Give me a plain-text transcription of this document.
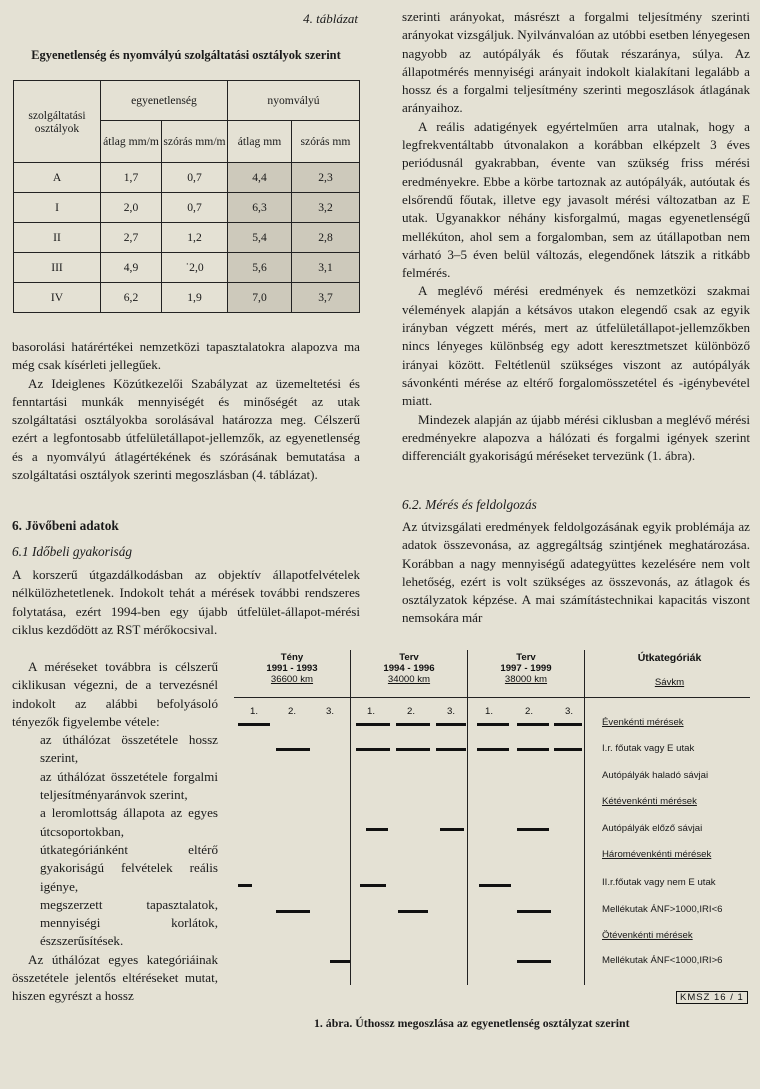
4. táblázat
Egyenetlenség és nyomvályú szolgáltatási osztályok szerint
szolgáltatási osztályok	egyenetlenség		nyomvályú	
	átlag mm/m	szórás mm/m	átlag mm	szórás mm
A	1,7	0,7	4,4	2,3
I	2,0	0,7	6,3	3,2
II	2,7	1,2	5,4	2,8
III	4,9	˙2,0	5,6	3,1
IV	6,2	1,9	7,0	3,7

basorolási határértékei nemzetközi tapasztalatokra alapozva ma még csak kísérleti jellegűek.

Az Ideiglenes Közútkezelői Szabályzat az üzemeltetési és fenntartási munkák mennyiségét és minőségét az utak szolgáltatási osztályokba sorolásával határozza meg. Célszerű ezért a legfontosabb útfelületállapot-jellemzők, az egyenetlenség és a nyomvályú átlagértékének és szórásának bemutatása a szolgáltatási osztályok szerinti megoszlásban (4. táblázat).

6. Jövőbeni adatok
6.1 Időbeli gyakoriság

A korszerű útgazdálkodásban az objektív állapotfelvételek nélkülözhetetlenek. Indokolt tehát a mérések további rendszeres folytatása, ezért 1994-ben egy újabb útfelület-állapot-mérési ciklus kezdődött az RST mérőkocsival.

A méréseket továbbra is célszerű ciklikusan végezni, de a tervezésnél indokolt az alábbi befolyásoló tényezők figyelembe vétele:

az úthálózat összetétele hossz szerint,

az úthálózat összetétele forgalmi teljesítményaránvok szerint,

a leromlottság állapota az egyes útcsoportokban,

útkategóriánként eltérő gyakoriságú felvételek reális igénye,

megszerzett tapasztalatok, mennyiségi korlátok, észszerűsítések.

Az úthálózat egyes kategóriáinak összetétele jelentős eltéréseket mutat, hiszen egyrészt a hossz

szerinti arányokat, másrészt a forgalmi teljesítmény szerinti arányokat vizsgáljuk. Nyilvánvalóan az utóbbi esetben lényegesen nagyobb az autópályák és főutak részaránya, súlya. Az állapotmérés mennyiségi arányait indokolt kialakítani legalább a hossz és a forgalmi teljesítmény szerinti megoszlások átlagának arányaihoz.

A reális adatigények egyértelműen arra utalnak, hogy a legfrekventáltabb útvonalakon a korábban elképzelt 3 éves periódusnál gyakrabban, évente van szükség friss mérési eredményekre. Ebbe a körbe tartoznak az autópályák, autóutak és elsőrendű főutak, illetve egy javasolt mérési változatban az E utak. Ugyanakkor néhány kisforgalmú, magas egyenetlenségű mellékúton, ahol sem a forgalomban, sem az útállapotban nem várható 3–5 éven belül változás, elegendőnek látszik a ritkább felmérés.

A meglévő mérési eredmények és nemzetközi szakmai vélemények alapján a kétsávos utakon elegendő csak az egyik irányban végzett mérés, mert az útfelületállapot-jellemzőkben nincs lényeges különbség egy adott keresztmetszet különböző irányai között. Feltétlenül szükséges viszont az autópályák sávonkénti mérése az eltérő forgalomösszetétel és -igénybevétel miatt.

Mindezek alapján az újabb mérési ciklusban a meglévő mérési eredményekre alapozva a hálózati és forgalmi igények szerint differenciált gyakoriságú méréseket tervezünk (1. ábra).

6.2. Mérés és feldolgozás

Az útvizsgálati eredmények feldolgozásának egyik problémája az adatok összevonása, az aggregáltság szintjének meghatározása. Korábban a nagy mennyiségű adategyüttes kezelésére nem volt lehetőség, ezért is volt szükséges az összevonás, az átlagok és osztályzatok képzése. A mai számítástechnikai kapacitás viszont nemsokára már

Tény
1991 - 1993
36600 km
Terv
1994 - 1996
34000 km
Terv
1997 - 1999
38000 km
Útkategóriák
Sávkm
1.	2.	3.	1.	2.	3.	1.	2.	3.
Évenkénti mérések
I.r. főutak vagy E utak
Autópályák haladó sávjai
Kétévenkénti mérések
Autópályák előző sávjai
Háromévenkénti mérések
II.r.főutak vagy nem E utak
Mellékutak ÁNF>1000,IRI<6
Ötévenkénti mérések
Mellékutak ÁNF<1000,IRI>6
KMSZ 16 / 1
1. ábra. Úthossz megoszlása az egyenetlenség osztályzat szerint
